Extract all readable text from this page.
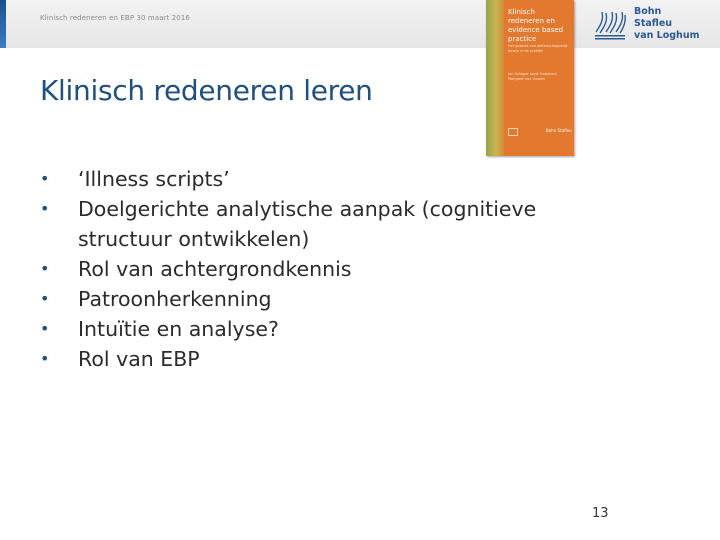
Klinisch redeneren en EBP 30 maart 2016
Klinisch redeneren en evidence based practice
Het gebruik van wetenschappelijk bewijs in de praktijk
Jan Schaper Joost Oosterom Margreet van Vuuren
Bohn Stafleu
Bohn
Stafleu
van Loghum
Klinisch redeneren leren
• ‘Illness scripts’
• Doelgerichte analytische aanpak (cognitieve structuur ontwikkelen)
• Rol van achtergrondkennis
• Patroonherkenning
• Intuïtie en analyse?
• Rol van EBP
13
